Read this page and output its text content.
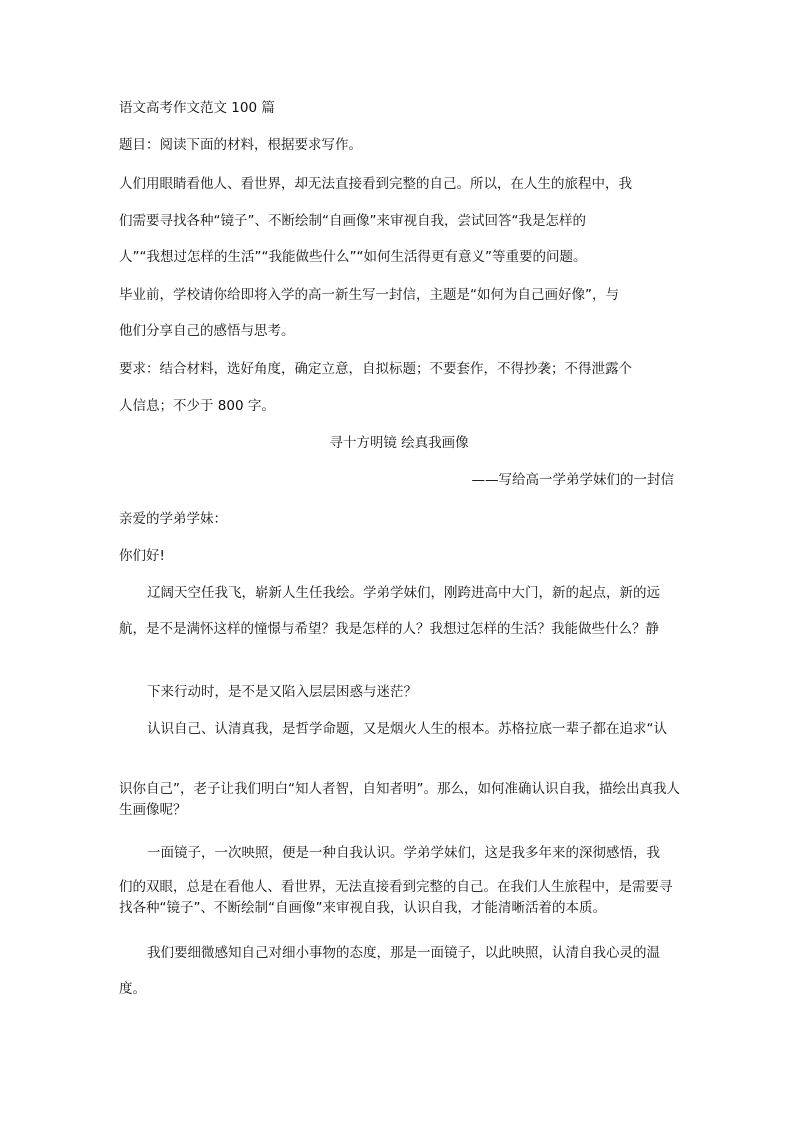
语文高考作文范文 100 篇
题目：阅读下面的材料，根据要求写作。
人们用眼睛看他人、看世界，却无法直接看到完整的自己。所以，在人生的旅程中，我
们需要寻找各种“镜子”、不断绘制“自画像”来审视自我，尝试回答“我是怎样的
人”“我想过怎样的生活”“我能做些什么”“如何生活得更有意义”等重要的问题。
毕业前，学校请你给即将入学的高一新生写一封信，主题是“如何为自己画好像”，与
他们分享自己的感悟与思考。
要求：结合材料，选好角度，确定立意，自拟标题；不要套作，不得抄袭；不得泄露个
人信息；不少于 800 字。
寻十方明镜 绘真我画像
——写给高一学弟学妹们的一封信
亲爱的学弟学妹：
你们好!
辽阔天空任我飞，崭新人生任我绘。学弟学妹们，刚跨进高中大门，新的起点，新的远
航，是不是满怀这样的憧憬与希望？我是怎样的人？我想过怎样的生活？我能做些什么？静
下来行动时，是不是又陷入层层困惑与迷茫？
认识自己、认清真我，是哲学命题，又是烟火人生的根本。苏格拉底一辈子都在追求“认
识你自己”，老子让我们明白“知人者智，自知者明”。那么，如何准确认识自我，描绘出真我人生画像呢？
一面镜子，一次映照，便是一种自我认识。学弟学妹们，这是我多年来的深彻感悟，我
们的双眼，总是在看他人、看世界，无法直接看到完整的自己。在我们人生旅程中，是需要寻找各种“镜子”、不断绘制“自画像”来审视自我，认识自我，才能清晰活着的本质。
我们要细微感知自己对细小事物的态度，那是一面镜子，以此映照，认清自我心灵的温
度。
